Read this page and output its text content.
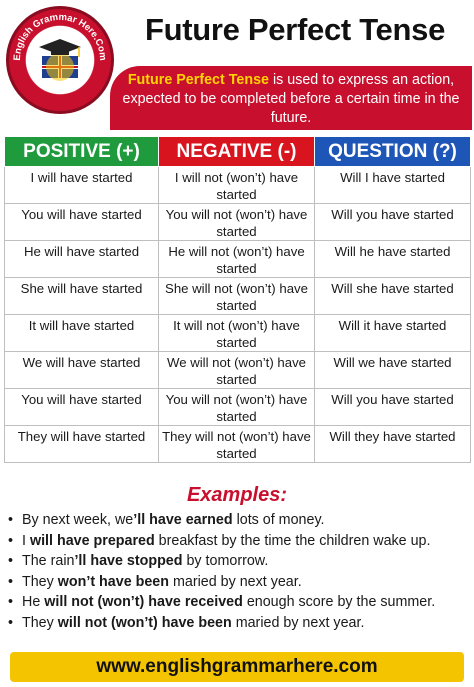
English Grammar Here.Com
Future Perfect Tense
Future Perfect Tense is used to express an action, expected to be completed before a certain time in the future.
POSITIVE (+)	NEGATIVE (-)	QUESTION (?)
I will have started	I will not (won’t) have started	Will I have started
You will have started	You will not (won’t) have started	Will you have started
He will have started	He will not (won’t) have started	Will he have started
She will have started	She will not (won’t) have started	Will she have started
It will have started	It will not (won’t) have started	Will it have started
We will have started	We will not (won’t) have started	Will we have started
You will have started	You will not (won’t) have started	Will you have started
They will have started	They will not (won’t) have started	Will they have started
Examples:
• By next week, we’ll have earned lots of money.
• I will have prepared breakfast by the time the children wake up.
• The rain’ll have stopped by tomorrow.
• They won’t have been maried by next year.
• He will not (won’t) have received enough score by the summer.
• They will not (won’t) have been maried by next year.
www.englishgrammarhere.com
